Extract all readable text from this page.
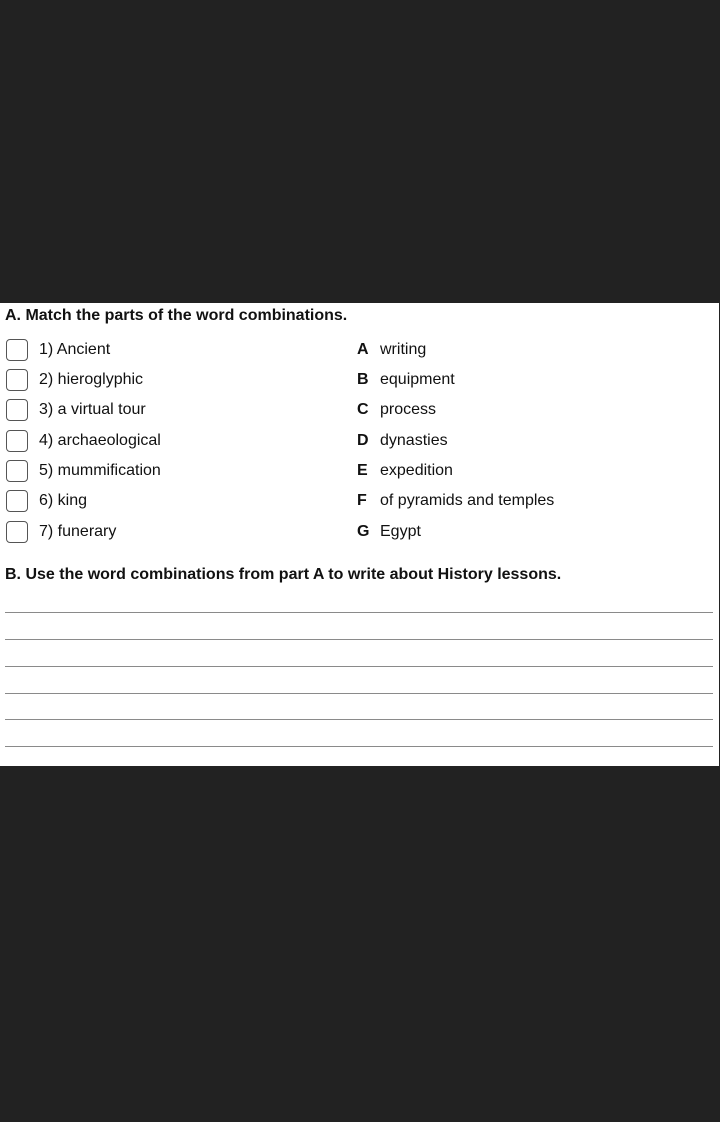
A. Match the parts of the word combinations.
1) Ancient	A writing
2) hieroglyphic	B equipment
3) a virtual tour	C process
4) archaeological	D dynasties
5) mummification	E expedition
6) king	F of pyramids and temples
7) funerary	G Egypt
B. Use the word combinations from part A to write about History lessons.
